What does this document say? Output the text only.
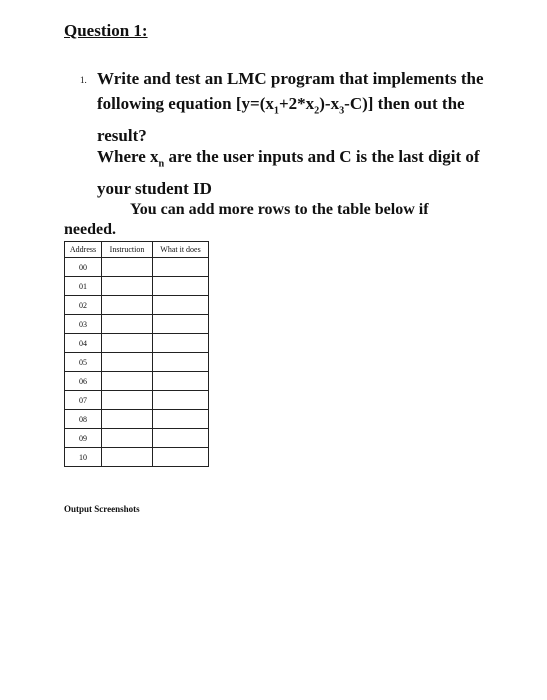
Question 1:
1. Write and test an LMC program that implements the following equation $[y=(x_1+2*x_2)-x_3-C)$] then out the result?
Where $x_n$ are the user inputs and C is the last digit of your student ID
You can add more rows to the table below if
needed.
Address	Instruction	What it does
00		
01		
02		
03		
04		
05		
06		
07		
08		
09		
10		
Output Screenshots
